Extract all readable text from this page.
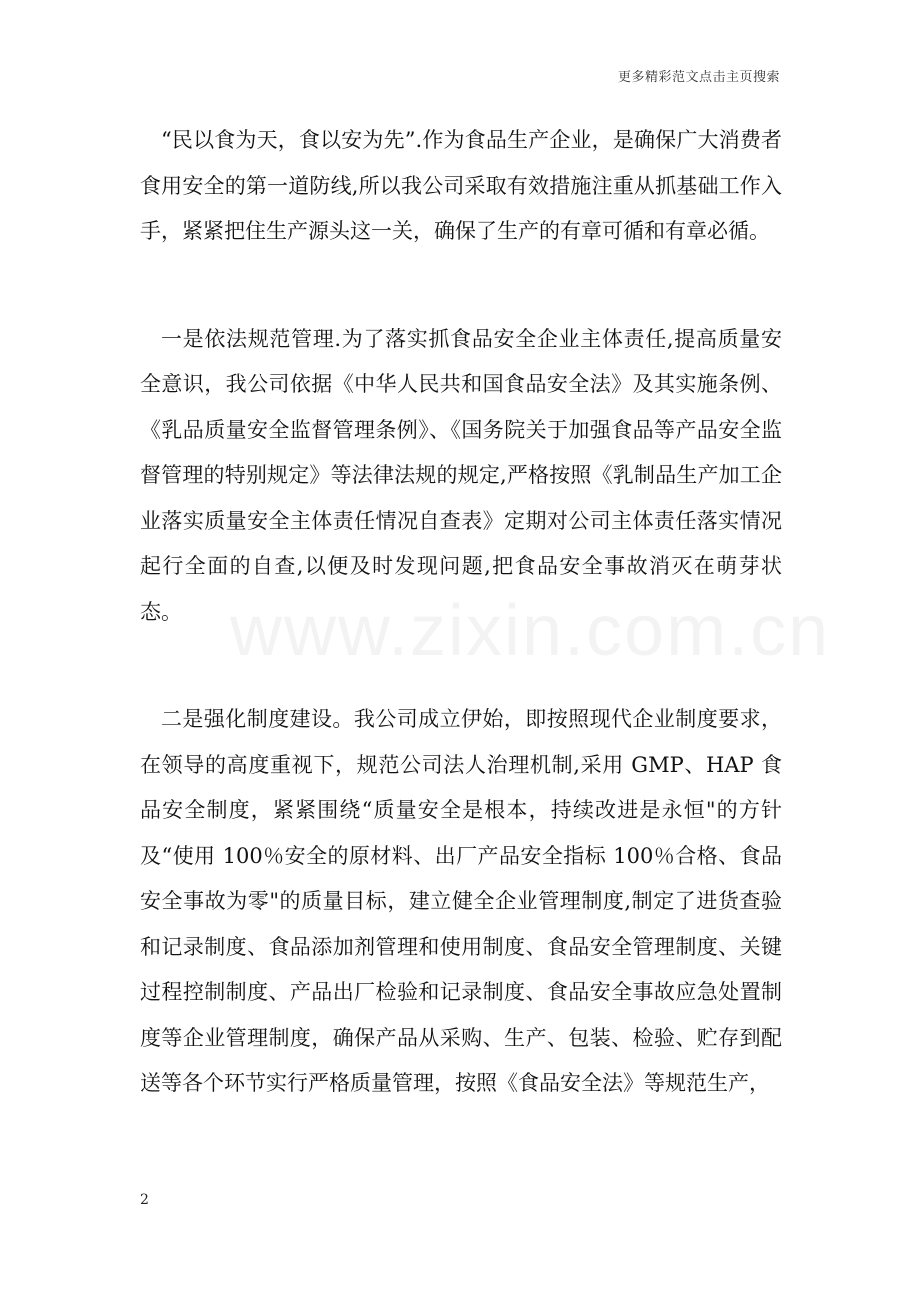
更多精彩范文点击主页搜索

“民以食为天，食以安为先”.作为食品生产企业，是确保广大消费者食用安全的第一道防线,所以我公司采取有效措施注重从抓基础工作入手，紧紧把住生产源头这一关，确保了生产的有章可循和有章必循。

一是依法规范管理.为了落实抓食品安全企业主体责任,提高质量安全意识，我公司依据《中华人民共和国食品安全法》及其实施条例、《乳品质量安全监督管理条例》、《国务院关于加强食品等产品安全监督管理的特别规定》等法律法规的规定,严格按照《乳制品生产加工企业落实质量安全主体责任情况自查表》定期对公司主体责任落实情况起行全面的自查,以便及时发现问题,把食品安全事故消灭在萌芽状态。

二是强化制度建设。我公司成立伊始，即按照现代企业制度要求，在领导的高度重视下，规范公司法人治理机制,采用 GMP、HAP 食品安全制度，紧紧围绕“质量安全是根本，持续改进是永恒"的方针及“使用 100％安全的原材料、出厂产品安全指标 100％合格、食品安全事故为零"的质量目标，建立健全企业管理制度,制定了进货查验和记录制度、食品添加剂管理和使用制度、食品安全管理制度、关键过程控制制度、产品出厂检验和记录制度、食品安全事故应急处置制度等企业管理制度，确保产品从采购、生产、包装、检验、贮存到配送等各个环节实行严格质量管理，按照《食品安全法》等规范生产，

2
